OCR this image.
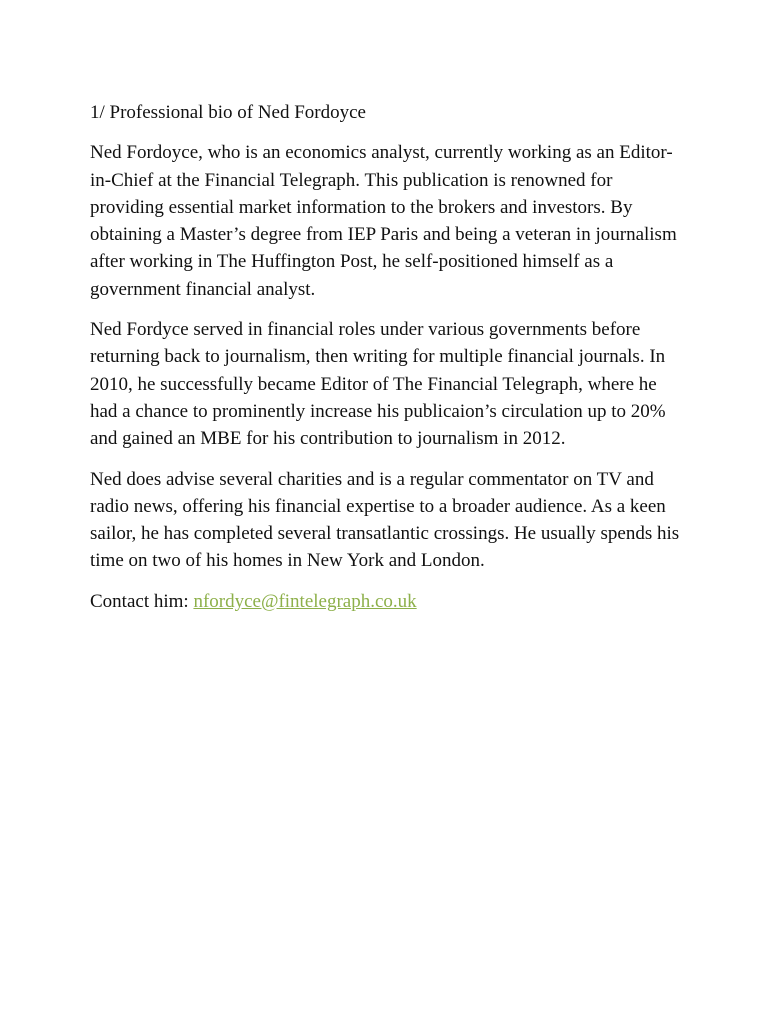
1/ Professional bio of Ned Fordoyce

Ned Fordoyce, who is an economics analyst, currently working as an Editor-in-Chief at the Financial Telegraph. This publication is renowned for providing essential market information to the brokers and investors. By obtaining a Master’s degree from IEP Paris and being a veteran in journalism after working in The Huffington Post, he self-positioned himself as a government financial analyst.

Ned Fordyce served in financial roles under various governments before returning back to journalism, then writing for multiple financial journals. In 2010, he successfully became Editor of The Financial Telegraph, where he had a chance to prominently increase his publicaion’s circulation up to 20% and gained an MBE for his contribution to journalism in 2012.

Ned does advise several charities and is a regular commentator on TV and radio news, offering his financial expertise to a broader audience. As a keen sailor, he has completed several transatlantic crossings. He usually spends his time on two of his homes in New York and London.

Contact him: nfordyce@fintelegraph.co.uk
